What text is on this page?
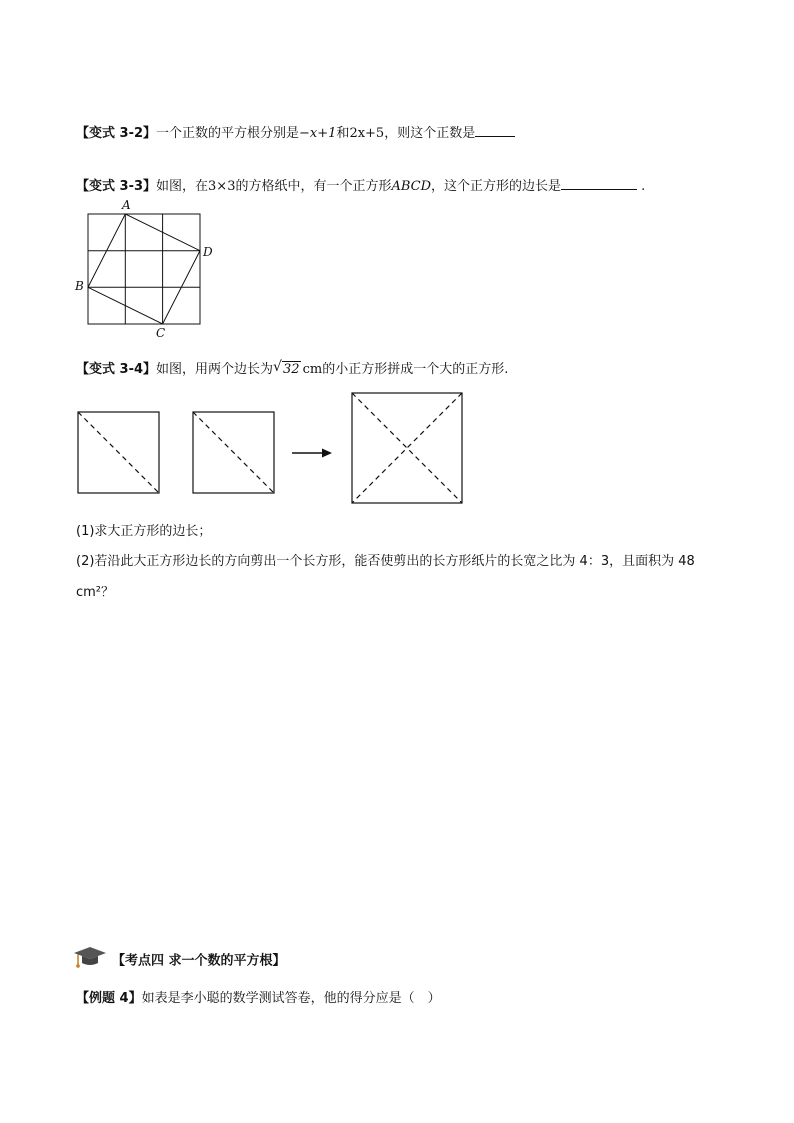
【变式 3-2】一个正数的平方根分别是−x+1和2x+5，则这个正数是
【变式 3-3】如图，在3×3的方格纸中，有一个正方形ABCD，这个正方形的边长是	.
A
D
B
C
【变式 3-4】如图，用两个边长为 √ 32 cm的小正方形拼成一个大的正方形.
(1)求大正方形的边长；
(2)若沿此大正方形边长的方向剪出一个长方形，能否使剪出的长方形纸片的长宽之比为 4：3，且面积为 48
cm²？
【考点四 求一个数的平方根】
【例题 4】如表是李小聪的数学测试答卷，他的得分应是（　）
